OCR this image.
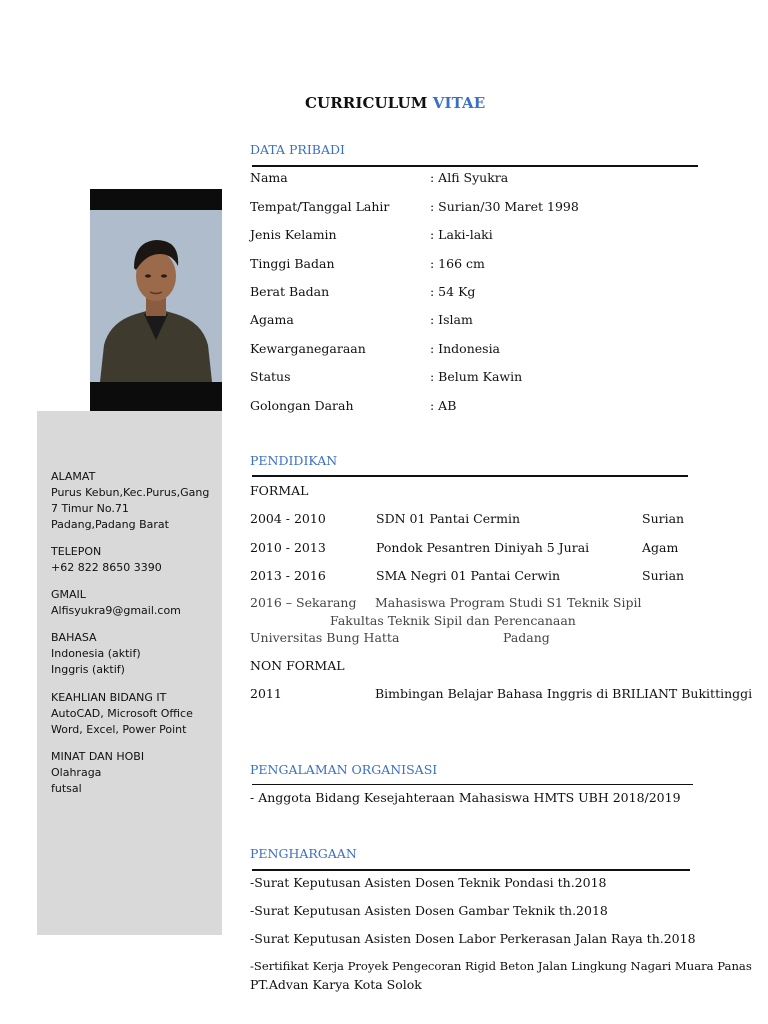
CURRICULUM VITAE
ALAMAT
Purus Kebun,Kec.Purus,Gang
7 Timur No.71
Padang,Padang Barat
TELEPON
+62 822 8650 3390
GMAIL
Alfisyukra9@gmail.com
BAHASA
Indonesia (aktif)
Inggris (aktif)
KEAHLIAN BIDANG IT
AutoCAD, Microsoft Office
Word, Excel, Power Point
MINAT DAN HOBI
Olahraga
futsal
DATA PRIBADI
Nama	: Alfi Syukra
Tempat/Tanggal Lahir	: Surian/30 Maret 1998
Jenis Kelamin	: Laki-laki
Tinggi Badan	: 166 cm
Berat Badan	: 54 Kg
Agama	: Islam
Kewarganegaraan	: Indonesia
Status	: Belum Kawin
Golongan Darah	: AB
PENDIDIKAN
FORMAL
2004 - 2010	SDN 01 Pantai Cermin	Surian
2010 - 2013	Pondok Pesantren Diniyah 5 Jurai	Agam
2013 - 2016	SMA Negri 01 Pantai Cerwin	Surian
2016 – Sekarang Mahasiswa Program Studi S1 Teknik Sipil
Fakultas Teknik Sipil dan Perencanaan
Universitas Bung Hatta	Padang
NON FORMAL
2011	Bimbingan Belajar Bahasa Inggris di BRILIANT Bukittinggi
PENGALAMAN ORGANISASI
- Anggota Bidang Kesejahteraan Mahasiswa HMTS UBH 2018/2019
PENGHARGAAN
-Surat Keputusan Asisten Dosen Teknik Pondasi th.2018
-Surat Keputusan Asisten Dosen Gambar Teknik th.2018
-Surat Keputusan Asisten Dosen Labor Perkerasan Jalan Raya th.2018
-Sertifikat Kerja Proyek Pengecoran Rigid Beton Jalan Lingkung Nagari Muara Panas
PT.Advan Karya Kota Solok
